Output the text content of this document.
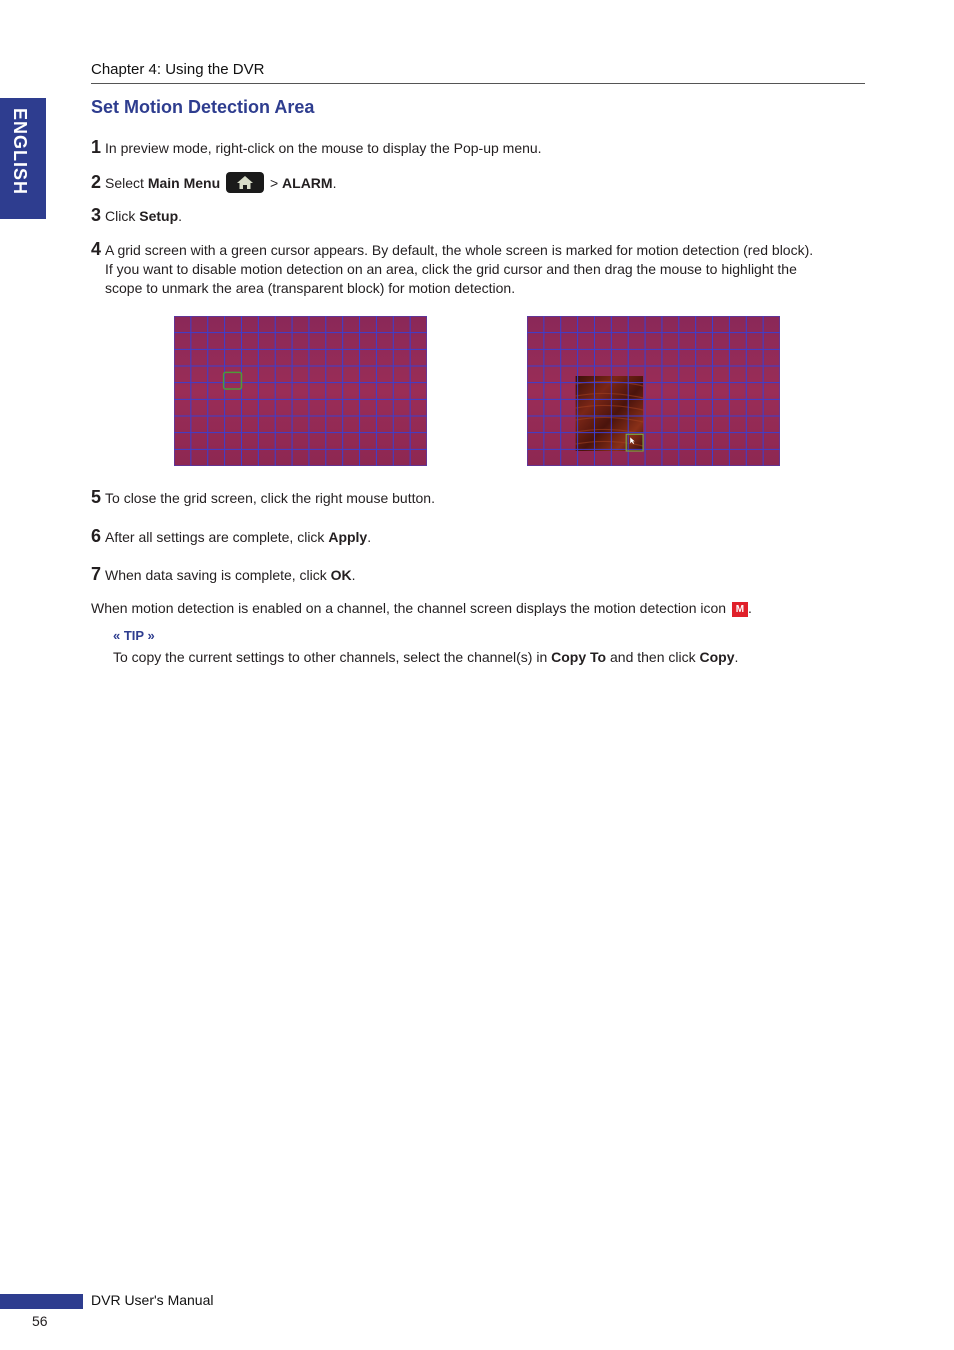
ENGLISH
Chapter 4: Using the DVR
Set Motion Detection Area
1 In preview mode, right-click on the mouse to display the Pop-up menu.
2 Select Main Menu	> ALARM.
3 Click Setup.
4 A grid screen with a green cursor appears. By default, the whole screen is marked for motion detection (red block).
If you want to disable motion detection on an area, click the grid cursor and then drag the mouse to highlight the
scope to unmark the area (transparent block) for motion detection.
5 To close the grid screen, click the right mouse button.
6 After all settings are complete, click Apply.
7 When data saving is complete, click OK.
When motion detection is enabled on a channel, the channel screen displays the motion detection icon M .
« TIP »
To copy the current settings to other channels, select the channel(s) in Copy To and then click Copy.
DVR User's Manual
56
